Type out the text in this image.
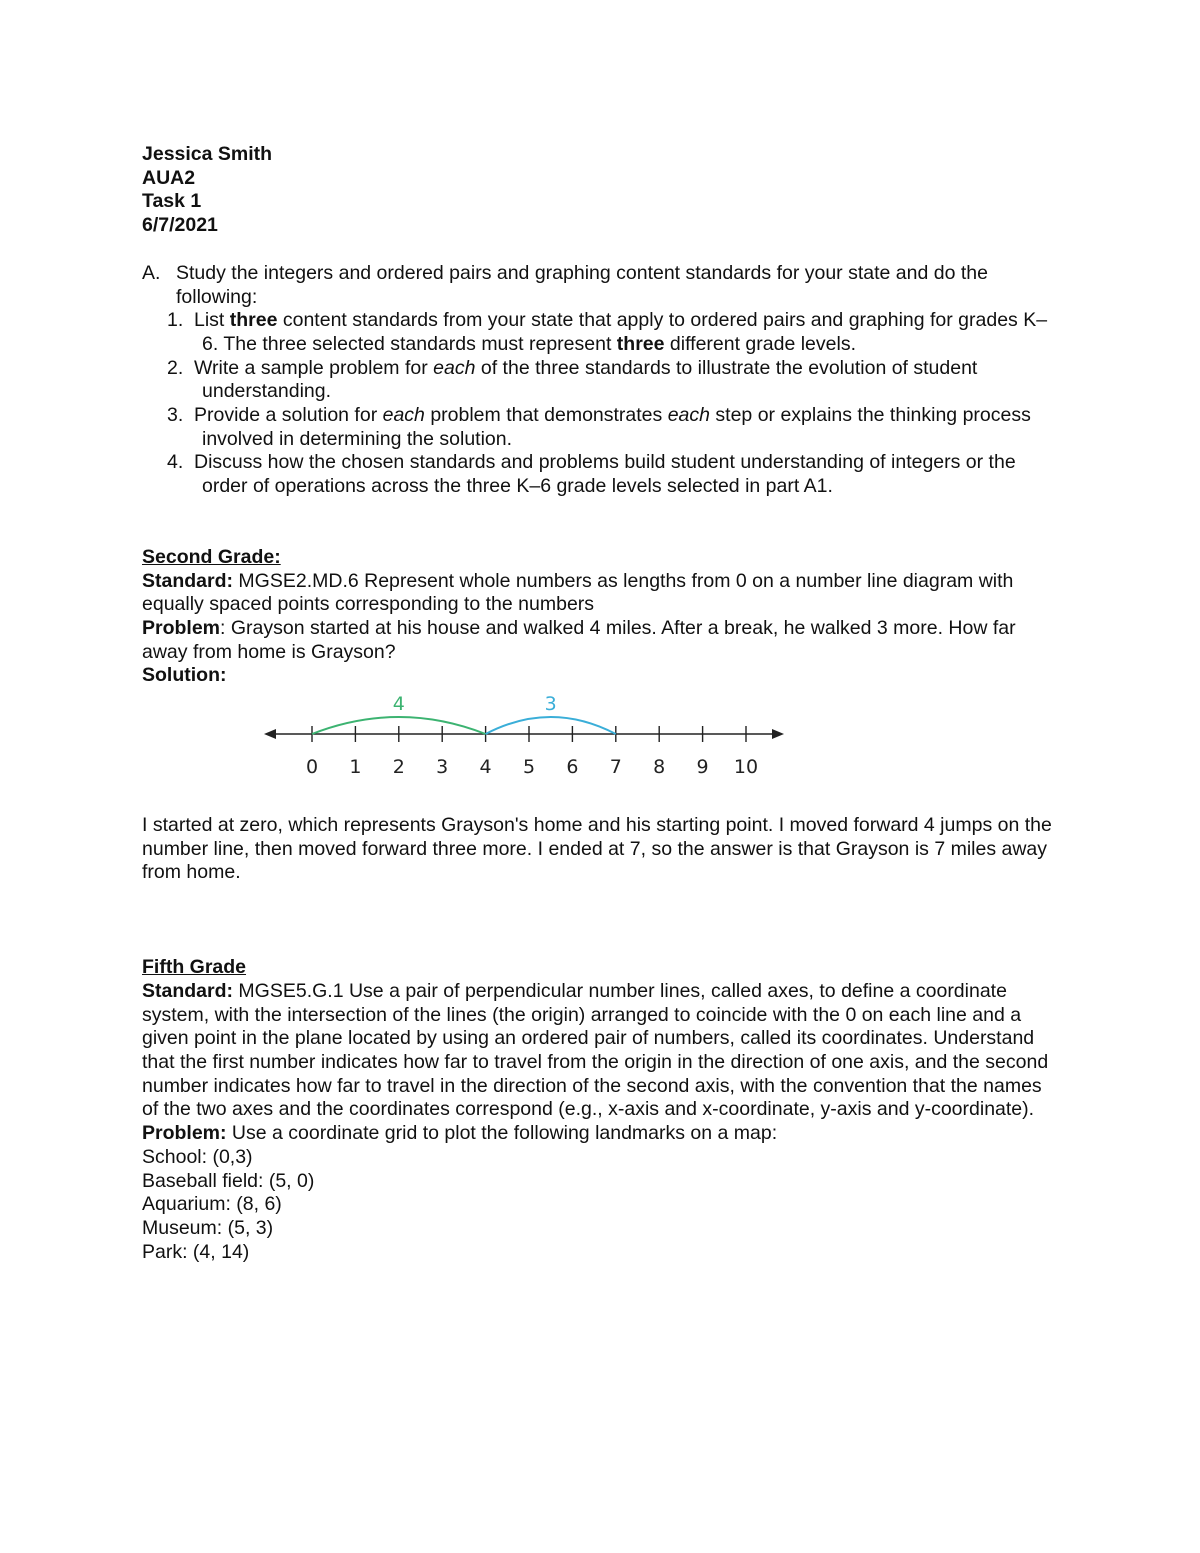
Jessica Smith
AUA2
Task 1
6/7/2021
A. Study the integers and ordered pairs and graphing content standards for your state and do the following:
1. List three content standards from your state that apply to ordered pairs and graphing for grades K–6. The three selected standards must represent three different grade levels.
2. Write a sample problem for each of the three standards to illustrate the evolution of student understanding.
3. Provide a solution for each problem that demonstrates each step or explains the thinking process involved in determining the solution.
4. Discuss how the chosen standards and problems build student understanding of integers or the order of operations across the three K–6 grade levels selected in part A1.
Second Grade:
Standard: MGSE2.MD.6 Represent whole numbers as lengths from 0 on a number line diagram with equally spaced points corresponding to the numbers
Problem: Grayson started at his house and walked 4 miles. After a break, he walked 3 more. How far away from home is Grayson?
Solution:
0 1 2 3 4 5 6 7 8 9 10
4	3
I started at zero, which represents Grayson's home and his starting point. I moved forward 4 jumps on the number line, then moved forward three more. I ended at 7, so the answer is that Grayson is 7 miles away from home.
Fifth Grade
Standard: MGSE5.G.1 Use a pair of perpendicular number lines, called axes, to define a coordinate system, with the intersection of the lines (the origin) arranged to coincide with the 0 on each line and a given point in the plane located by using an ordered pair of numbers, called its coordinates. Understand that the first number indicates how far to travel from the origin in the direction of one axis, and the second number indicates how far to travel in the direction of the second axis, with the convention that the names of the two axes and the coordinates correspond (e.g., x-axis and x-coordinate, y-axis and y-coordinate).
Problem: Use a coordinate grid to plot the following landmarks on a map:
School: (0,3)
Baseball field: (5, 0)
Aquarium: (8, 6)
Museum: (5, 3)
Park: (4, 14)
